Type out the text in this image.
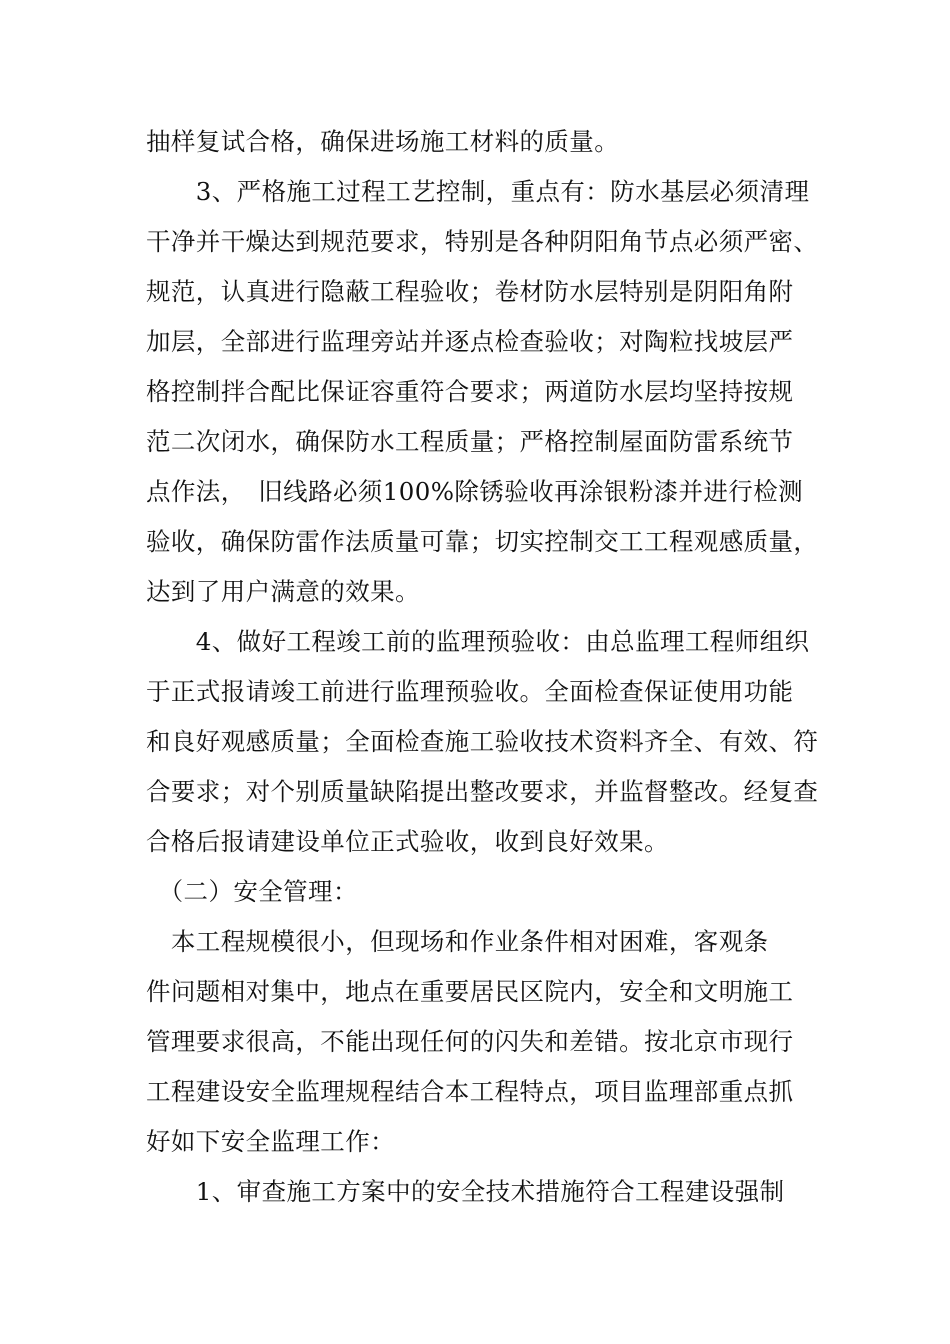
抽样复试合格，确保进场施工材料的质量。
　　3、严格施工过程工艺控制，重点有：防水基层必须清理
干净并干燥达到规范要求，特别是各种阴阳角节点必须严密、
规范，认真进行隐蔽工程验收；卷材防水层特别是阴阳角附
加层，全部进行监理旁站并逐点检查验收；对陶粒找坡层严
格控制拌合配比保证容重符合要求；两道防水层均坚持按规
范二次闭水，确保防水工程质量；严格控制屋面防雷系统节
点作法，　旧线路必须100%除锈验收再涂银粉漆并进行检测
验收，确保防雷作法质量可靠；切实控制交工工程观感质量，
达到了用户满意的效果。
　　4、做好工程竣工前的监理预验收：由总监理工程师组织
于正式报请竣工前进行监理预验收。全面检查保证使用功能
和良好观感质量；全面检查施工验收技术资料齐全、有效、符
合要求；对个别质量缺陷提出整改要求，并监督整改。经复查
合格后报请建设单位正式验收，收到良好效果。
　（二）安全管理：
　本工程规模很小，但现场和作业条件相对困难，客观条
件问题相对集中，地点在重要居民区院内，安全和文明施工
管理要求很高，不能出现任何的闪失和差错。按北京市现行
工程建设安全监理规程结合本工程特点，项目监理部重点抓
好如下安全监理工作：
　　1、审查施工方案中的安全技术措施符合工程建设强制
